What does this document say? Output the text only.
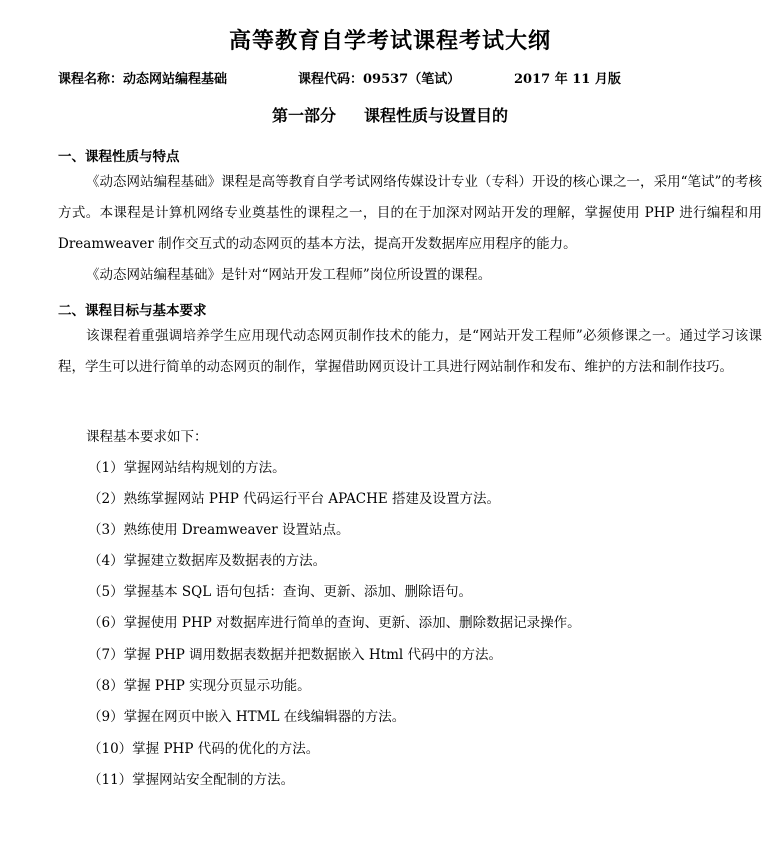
高等教育自学考试课程考试大纲
课程名称：动态网站编程基础	课程代码：09537（笔试）	2017 年 11 月版
第一部分 课程性质与设置目的
一、课程性质与特点

《动态网站编程基础》课程是高等教育自学考试网络传媒设计专业（专科）开设的核心课之一，采用“笔试”的考核方式。本课程是计算机网络专业奠基性的课程之一，目的在于加深对网站开发的理解，掌握使用 PHP 进行编程和用 Dreamweaver 制作交互式的动态网页的基本方法，提高开发数据库应用程序的能力。

《动态网站编程基础》是针对“网站开发工程师”岗位所设置的课程。

二、课程目标与基本要求

该课程着重强调培养学生应用现代动态网页制作技术的能力，是“网站开发工程师”必须修课之一。通过学习该课程，学生可以进行简单的动态网页的制作，掌握借助网页设计工具进行网站制作和发布、维护的方法和制作技巧。

课程基本要求如下：
（1）掌握网站结构规划的方法。
（2）熟练掌握网站 PHP 代码运行平台 APACHE 搭建及设置方法。
（3）熟练使用 Dreamweaver 设置站点。
（4）掌握建立数据库及数据表的方法。
（5）掌握基本 SQL 语句包括：查询、更新、添加、删除语句。
（6）掌握使用 PHP 对数据库进行简单的查询、更新、添加、删除数据记录操作。
（7）掌握 PHP 调用数据表数据并把数据嵌入 Html 代码中的方法。
（8）掌握 PHP 实现分页显示功能。
（9）掌握在网页中嵌入 HTML 在线编辑器的方法。
（10）掌握 PHP 代码的优化的方法。
（11）掌握网站安全配制的方法。
